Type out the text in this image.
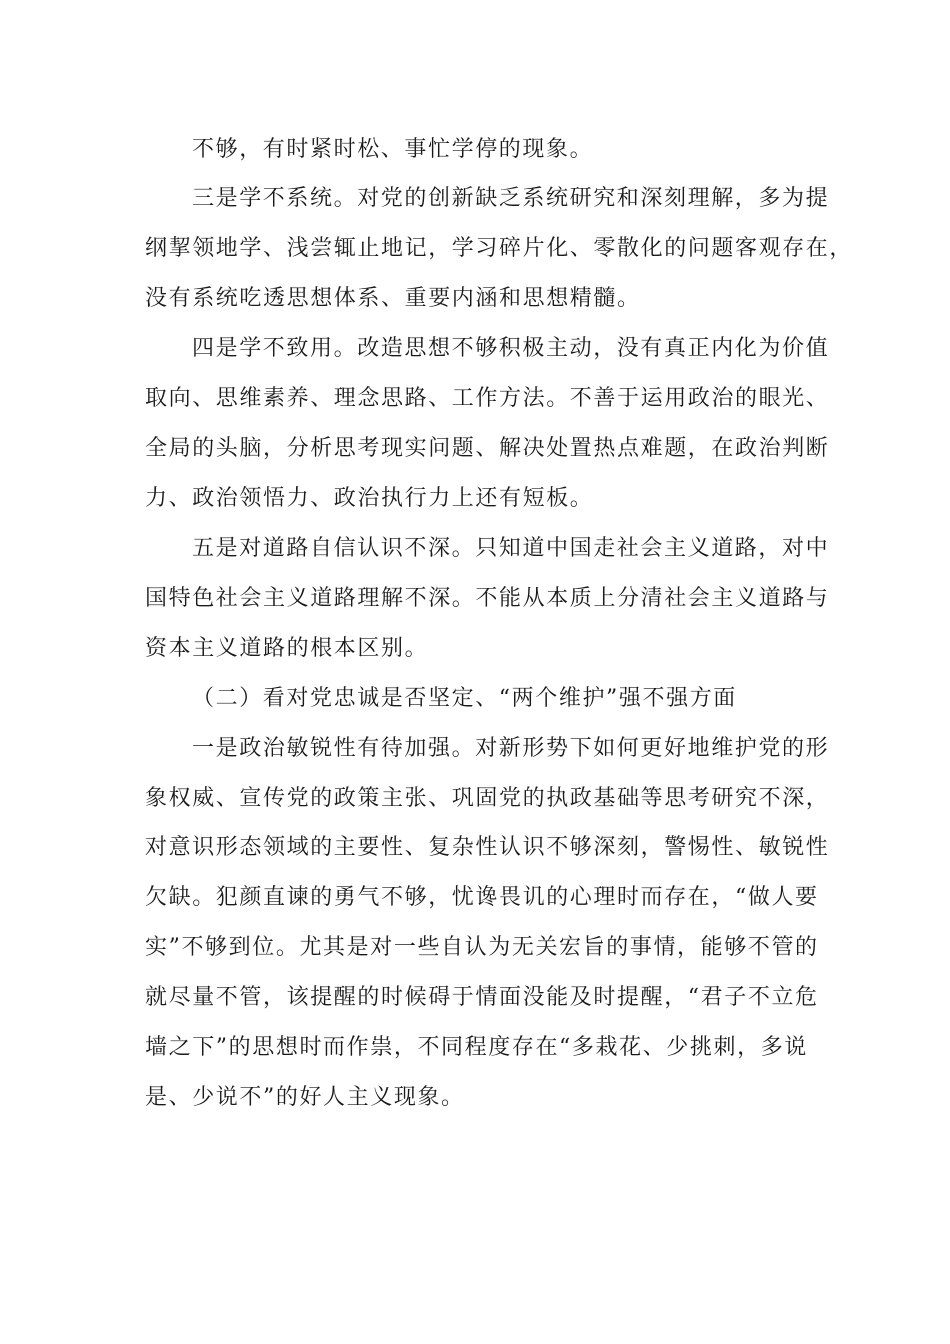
不够，有时紧时松、事忙学停的现象。

三是学不系统。对党的创新缺乏系统研究和深刻理解，多为提

纲挈领地学、浅尝辄止地记，学习碎片化、零散化的问题客观存在，

没有系统吃透思想体系、重要内涵和思想精髓。

四是学不致用。改造思想不够积极主动，没有真正内化为价值

取向、思维素养、理念思路、工作方法。不善于运用政治的眼光、

全局的头脑，分析思考现实问题、解决处置热点难题，在政治判断

力、政治领悟力、政治执行力上还有短板。

五是对道路自信认识不深。只知道中国走社会主义道路，对中

国特色社会主义道路理解不深。不能从本质上分清社会主义道路与

资本主义道路的根本区别。

（二）看对党忠诚是否坚定、“两个维护”强不强方面

一是政治敏锐性有待加强。对新形势下如何更好地维护党的形

象权威、宣传党的政策主张、巩固党的执政基础等思考研究不深，

对意识形态领域的主要性、复杂性认识不够深刻，警惕性、敏锐性

欠缺。犯颜直谏的勇气不够，忧谗畏讥的心理时而存在，“做人要

实”不够到位。尤其是对一些自认为无关宏旨的事情，能够不管的

就尽量不管，该提醒的时候碍于情面没能及时提醒，“君子不立危

墙之下”的思想时而作祟，不同程度存在“多栽花、少挑刺，多说

是、少说不”的好人主义现象。
